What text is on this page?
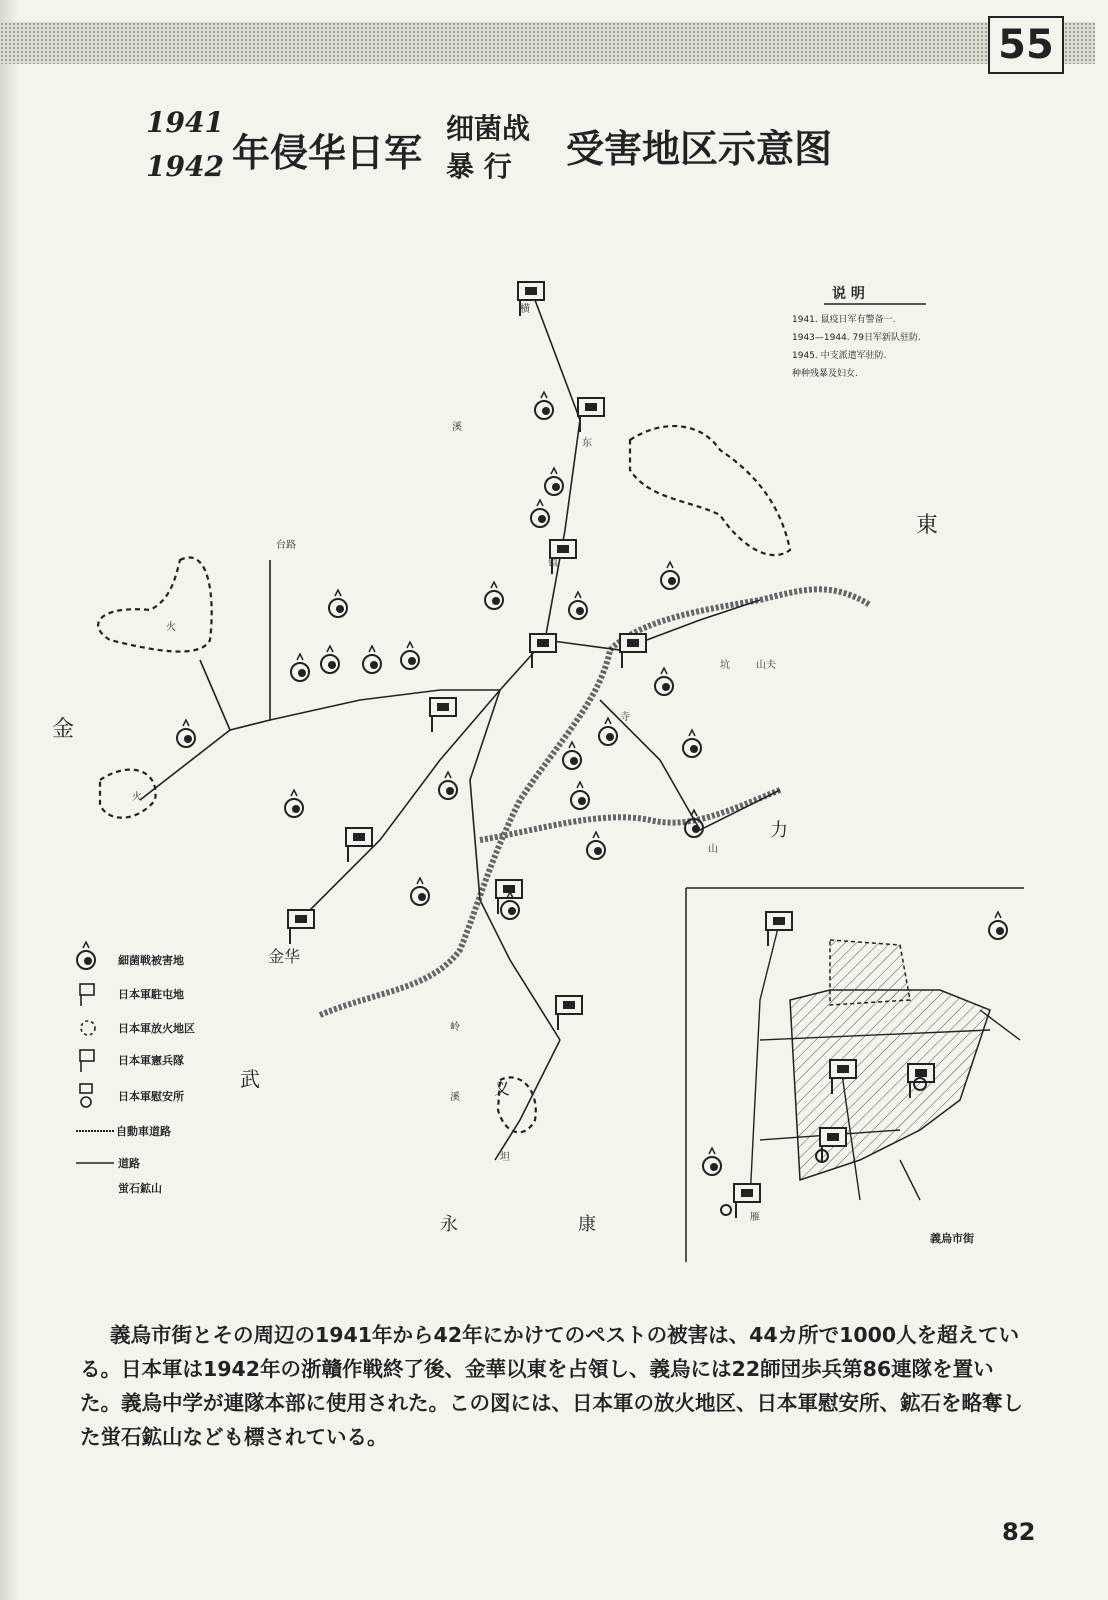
55
1941
1942 年侵华日军
细菌战
暴 行 受害地区示意图
说 明
1941. 鼠疫日军有警备一.
1943—1944. 79日军新队驻防.
1945. 中支派遣军驻防.
种种残暴及妇女.
東
金
武
永	康
力
金华
义
横
东
镇
台路
溪
坑	山夫
寺
山
岭
溪
坦
雁
火
火
義烏市街
細菌戦被害地
日本軍駐屯地
日本軍放火地区
日本軍憲兵隊
日本軍慰安所
自動車道路
道路
蛍石鉱山
義烏市街とその周辺の1941年から42年にかけてのペストの被害は、44カ所で1000人を超えている。日本軍は1942年の浙贛作戦終了後、金華以東を占領し、義烏には22師団歩兵第86連隊を置いた。義烏中学が連隊本部に使用された。この図には、日本軍の放火地区、日本軍慰安所、鉱石を略奪した蛍石鉱山なども標されている。
82
